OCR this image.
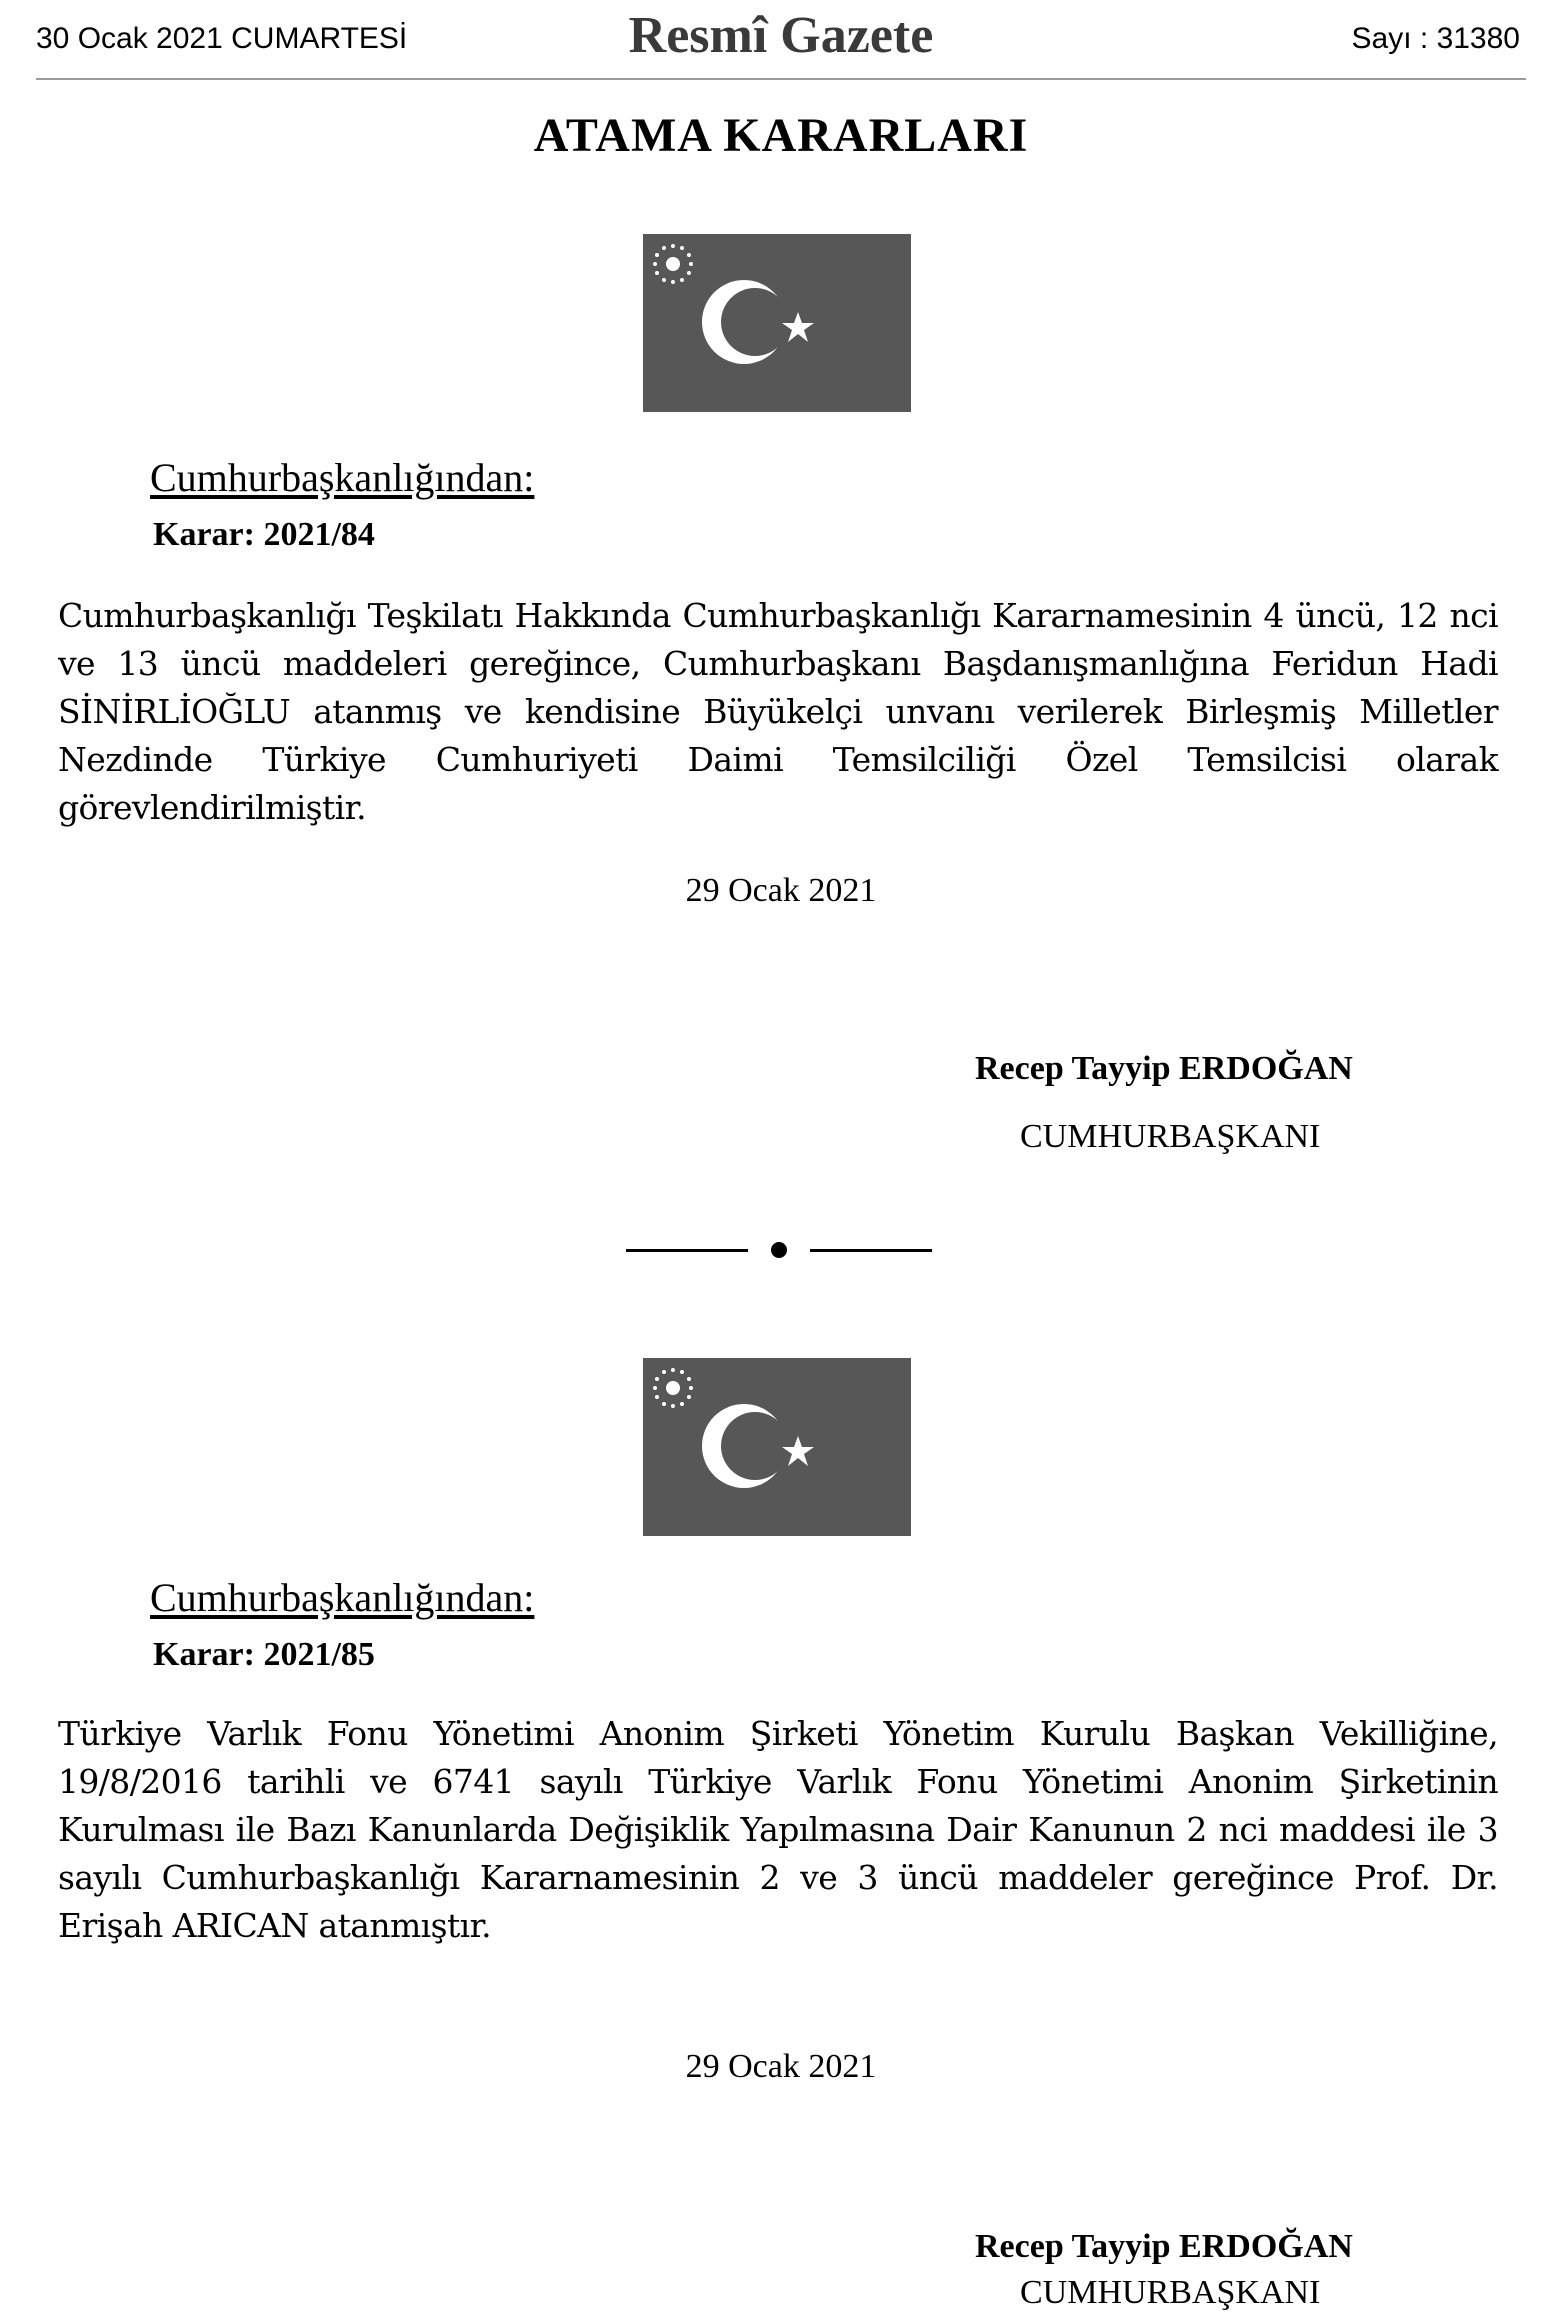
30 Ocak 2021 CUMARTESİ	Resmî Gazete	Sayı : 31380
ATAMA KARARLARI
Cumhurbaşkanlığından:
Karar: 2021/84
Cumhurbaşkanlığı Teşkilatı Hakkında Cumhurbaşkanlığı Kararnamesinin 4 üncü, 12 nci ve 13 üncü maddeleri gereğince, Cumhurbaşkanı Başdanışmanlığına Feridun Hadi SİNİRLİOĞLU atanmış ve kendisine Büyükelçi unvanı verilerek Birleşmiş Milletler Nezdinde Türkiye Cumhuriyeti Daimi Temsilciliği Özel Temsilcisi olarak görevlendirilmiştir.
29 Ocak 2021
Recep Tayyip ERDOĞAN
CUMHURBAŞKANI
Cumhurbaşkanlığından:
Karar: 2021/85
Türkiye Varlık Fonu Yönetimi Anonim Şirketi Yönetim Kurulu Başkan Vekilliğine, 19/8/2016 tarihli ve 6741 sayılı Türkiye Varlık Fonu Yönetimi Anonim Şirketinin Kurulması ile Bazı Kanunlarda Değişiklik Yapılmasına Dair Kanunun 2 nci maddesi ile 3 sayılı Cumhurbaşkanlığı Kararnamesinin 2 ve 3 üncü maddeler gereğince Prof. Dr. Erişah ARICAN atanmıştır.
29 Ocak 2021
Recep Tayyip ERDOĞAN
CUMHURBAŞKANI
